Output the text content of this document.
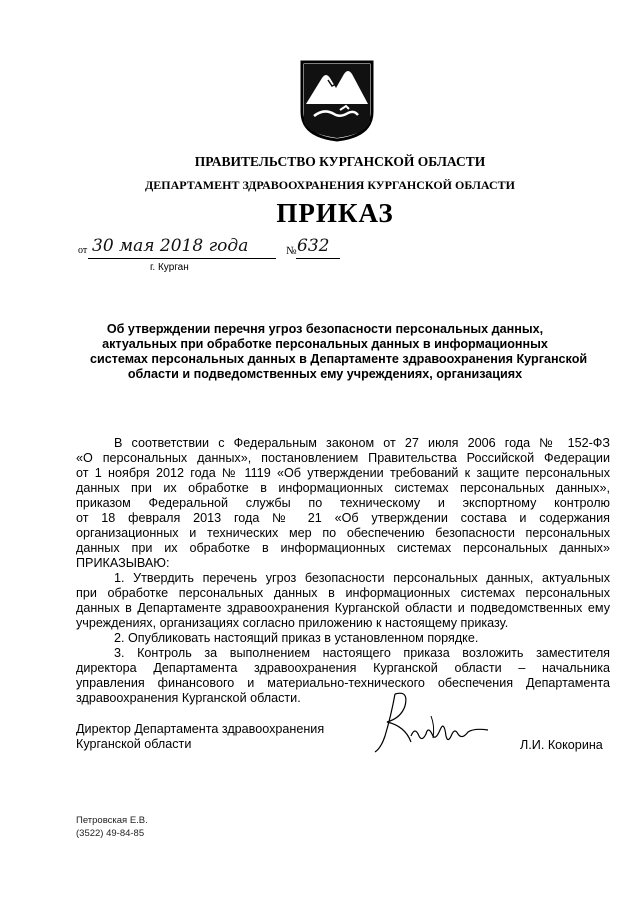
ПРАВИТЕЛЬСТВО КУРГАНСКОЙ ОБЛАСТИ
ДЕПАРТАМЕНТ ЗДРАВООХРАНЕНИЯ КУРГАНСКОЙ ОБЛАСТИ
ПРИКАЗ
от 30 мая 2018 года	№ 632
г. Курган
Об утверждении перечня угроз безопасности персональных данных,
актуальных при обработке персональных данных в информационных
системах персональных данных в Департаменте здравоохранения Курганской
области и подведомственных ему учреждениях, организациях
В соответствии с Федеральным законом от 27 июля 2006 года № 152-ФЗ
«О персональных данных», постановлением Правительства Российской Федерации
от 1 ноября 2012 года № 1119 «Об утверждении требований к защите персональных
данных при их обработке в информационных системах персональных данных»,
приказом Федеральной службы по техническому и экспортному контролю
от 18 февраля 2013 года № 21 «Об утверждении состава и содержания
организационных и технических мер по обеспечению безопасности персональных
данных при их обработке в информационных системах персональных данных»
ПРИКАЗЫВАЮ:
1. Утвердить перечень угроз безопасности персональных данных, актуальных
при обработке персональных данных в информационных системах персональных
данных в Департаменте здравоохранения Курганской области и подведомственных ему
учреждениях, организациях согласно приложению к настоящему приказу.
2. Опубликовать настоящий приказ в установленном порядке.
3. Контроль за выполнением настоящего приказа возложить заместителя
директора Департамента здравоохранения Курганской области – начальника
управления финансового и материально-технического обеспечения Департамента
здравоохранения Курганской области.
Директор Департамента здравоохранения
Курганской области	Л.И. Кокорина
Петровская Е.В.
(3522) 49-84-85
